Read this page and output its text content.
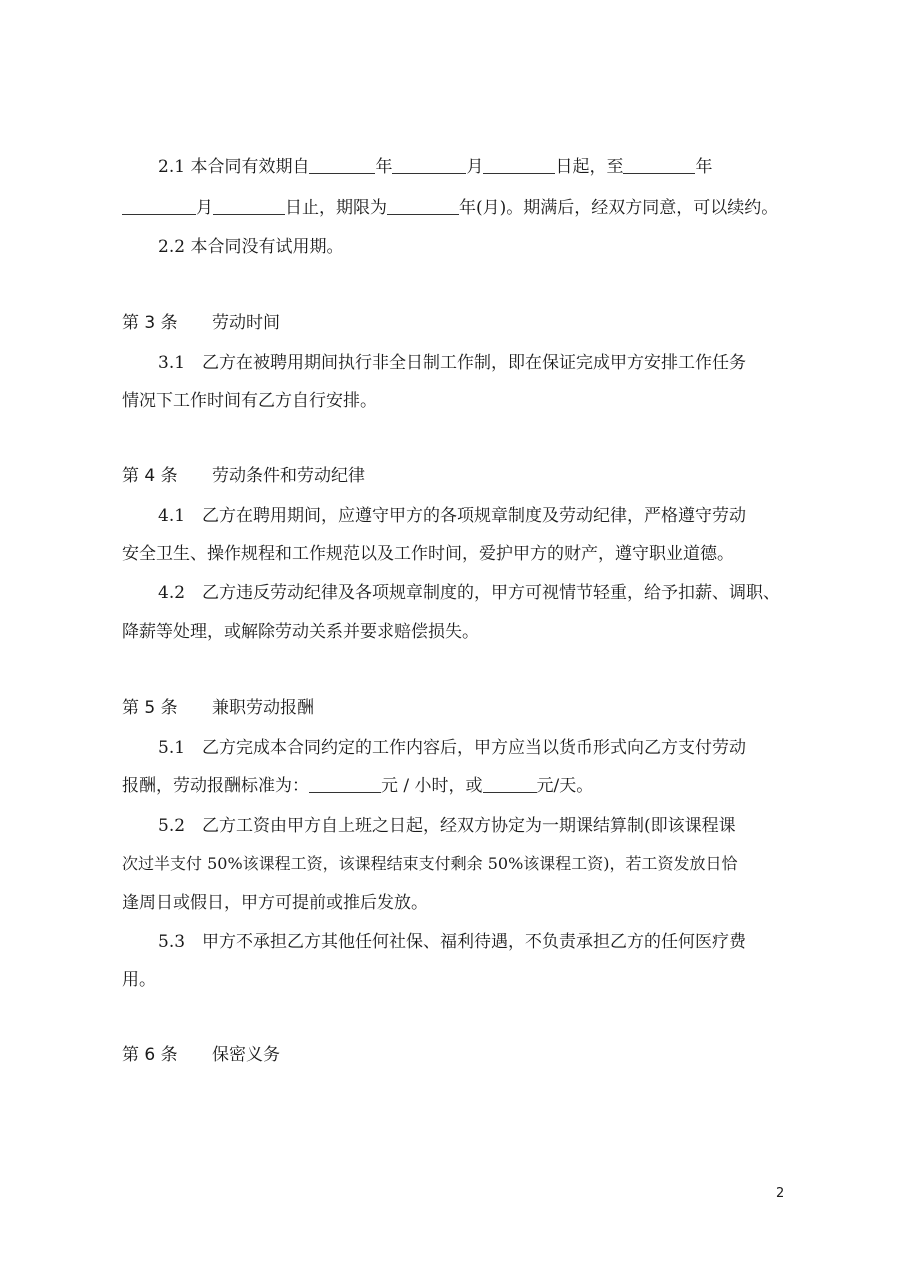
2.1 本合同有效期自	年	月	日起，至	年
月	日止，期限为	年(月)。期满后，经双方同意，可以续约。
2.2 本合同没有试用期。
第 3 条 劳动时间
3.1　乙方在被聘用期间执行非全日制工作制，即在保证完成甲方安排工作任务
情况下工作时间有乙方自行安排。
第 4 条 劳动条件和劳动纪律
4.1　乙方在聘用期间，应遵守甲方的各项规章制度及劳动纪律，严格遵守劳动
安全卫生、操作规程和工作规范以及工作时间，爱护甲方的财产，遵守职业道德。
4.2　乙方违反劳动纪律及各项规章制度的，甲方可视情节轻重，给予扣薪、调职、
降薪等处理，或解除劳动关系并要求赔偿损失。
第 5 条 兼职劳动报酬
5.1　乙方完成本合同约定的工作内容后，甲方应当以货币形式向乙方支付劳动
报酬，劳动报酬标准为：	元 / 小时，或	元/天。
5.2　乙方工资由甲方自上班之日起，经双方协定为一期课结算制(即该课程课
次过半支付 50%该课程工资，该课程结束支付剩余 50%该课程工资)，若工资发放日恰
逢周日或假日，甲方可提前或推后发放。
5.3　甲方不承担乙方其他任何社保、福利待遇，不负责承担乙方的任何医疗费
用。
第 6 条 保密义务
2
